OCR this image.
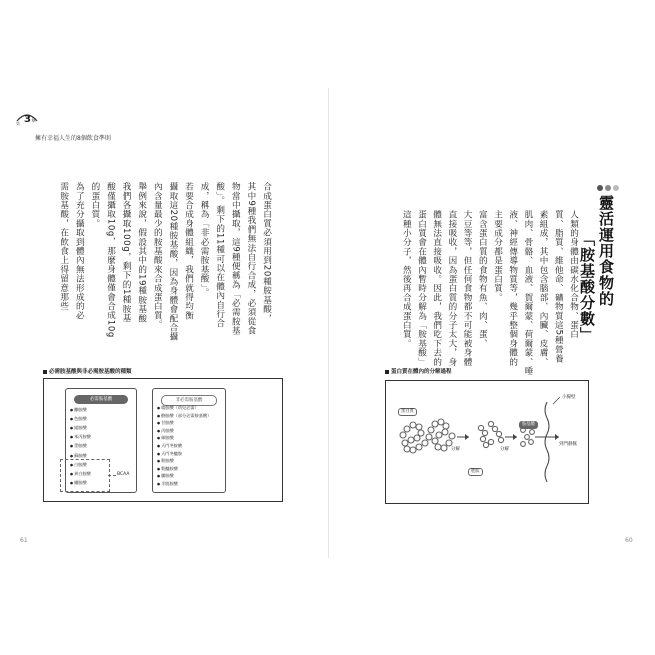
第 3章
擁有幸福人生的8個飲食準則
合成蛋白質必須用到20種胺基酸，
其中9種我們無法自行合成，必須從食
物當中攝取，這9種便稱為「必需胺基
酸」。剩下的11種可以在體內自行合
成，稱為「非必需胺基酸」。
若要合成身體組織，我們就得均衡
攝取這20種胺基酸，因為身體會配合攝
內含量最少的胺基酸來合成蛋白質。
舉例來說，假設其中的19種胺基酸
我們各攝取100g，剩下的1種胺基
酸僅攝取10g，那麼身體僅會合成10g
的蛋白質。
為了充分攝取到體內無法形成的必
需胺基酸，在飲食上得留意那些
必需胺基酸與非必需胺基酸的種類
必需胺基酸	非必需胺基酸
● 離胺酸
● 色胺酸
● 組胺酸
● 苯丙胺酸
● 蛋胺酸
● 蘇胺酸
● 白胺酸
● 異白胺酸
● 纈胺酸
● 精胺酸（幼兒必需）
● 酪胺酸（部分必需胺基酸）
● 甘胺酸
● 丙胺酸
● 絲胺酸
● 天門冬胺酸
● 天門冬醯胺
● 麩胺酸
● 麩醯胺酸
● 脯胺酸
● 半胱胺酸
BCAA
61
靈活運用食物的
「胺基酸分數」
人類的身體由碳水化合物、蛋白
質、脂質、維他命、礦物質這5種營養
素組成，其中包含腦部、內臟、皮膚、
肌肉、骨骼、血液、賀爾蒙、荷爾蒙、唾
液、神經傳導物質等，幾乎整個身體的
主要成分都是蛋白質。
富含蛋白質的食物有魚、肉、蛋、
大豆等等，但任何食物都不可能被身體
直接吸收，因為蛋白質的分子太大，身
體無法直接吸收。因此，我們吃下去的
蛋白質會在體內暫時分解為「胺基酸」
這種小分子，然後再合成蛋白質。
蛋白質在體內的分解過程
蛋白質
分解	分解
胜肽
胺基酸
小腸壁
到門靜脈
60
